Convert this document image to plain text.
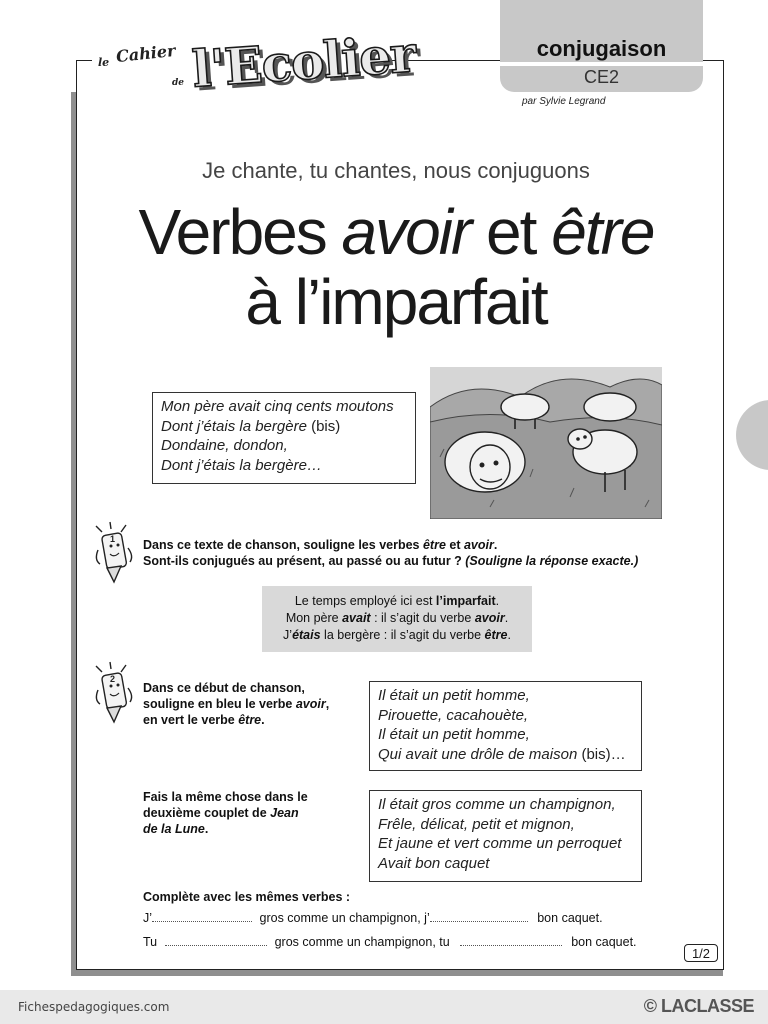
le Cahier
de l'Ecolier	conjugaison
CE2
par Sylvie Legrand
Je chante, tu chantes, nous conjuguons
Verbes avoir et être
à l’imparfait
Mon père avait cinq cents moutons
Dont j’étais la bergère (bis)
Dondaine, dondon,
Dont j’étais la bergère…
1 Dans ce texte de chanson, souligne les verbes être et avoir.
Sont-ils conjugués au présent, au passé ou au futur ? (Souligne la réponse exacte.)
Le temps employé ici est l’imparfait.
Mon père avait : il s’agit du verbe avoir.
J’étais la bergère : il s’agit du verbe être.
2
Dans ce début de chanson,
souligne en bleu le verbe avoir,
en vert le verbe être.
Il était un petit homme,
Pirouette, cacahouète,
Il était un petit homme,
Qui avait une drôle de maison (bis)…
Fais la même chose dans le
deuxième couplet de Jean
de la Lune.
Il était gros comme un champignon,
Frêle, délicat, petit et mignon,
Et jaune et vert comme un perroquet
Avait bon caquet
Complète avec les mêmes verbes :
J’	gros comme un champignon, j’	bon caquet.
Tu	gros comme un champignon, tu	bon caquet.
1/2
Fichespedagogiques.com	© LACLASSE
